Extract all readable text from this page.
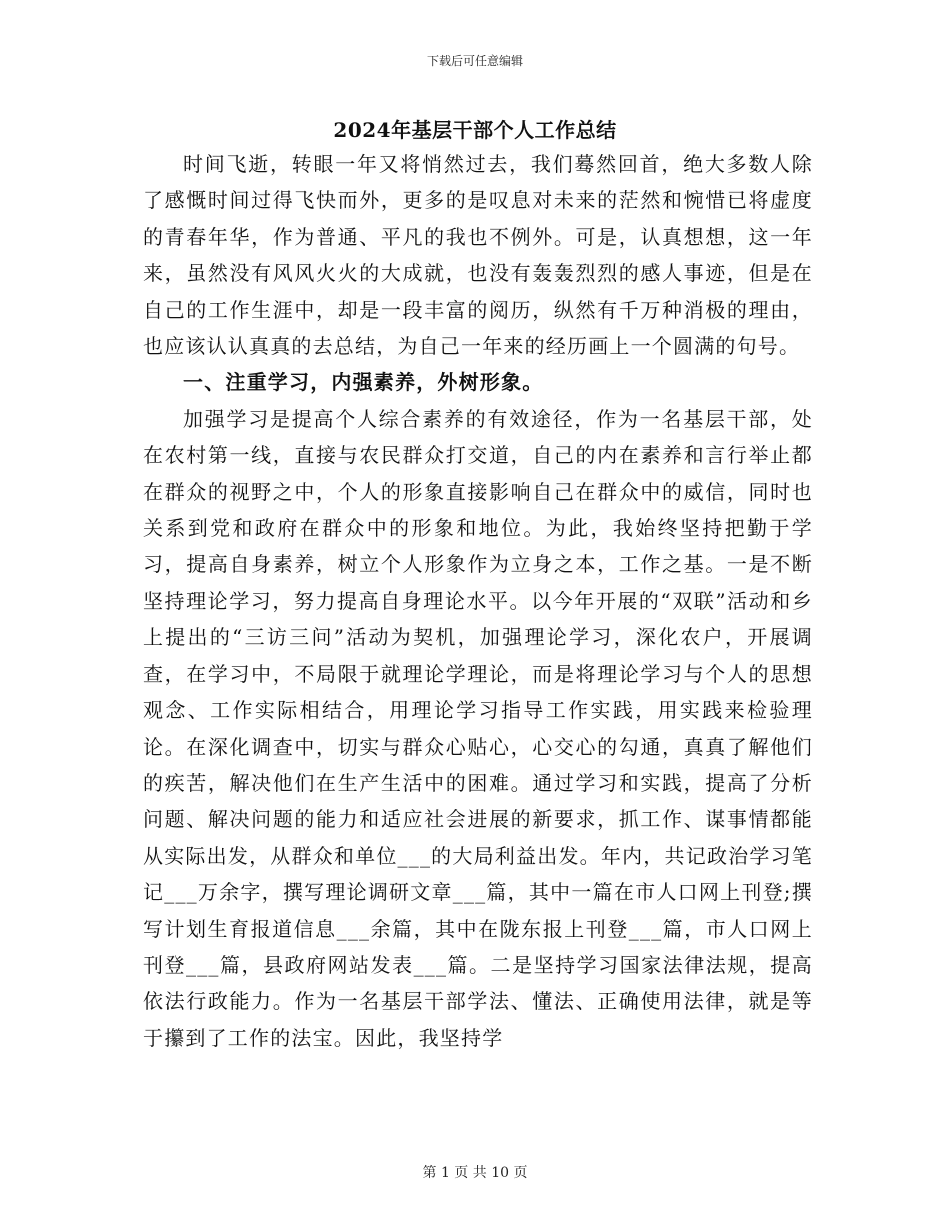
下载后可任意编辑
2024年基层干部个人工作总结

时间飞逝，转眼一年又将悄然过去，我们蓦然回首，绝大多数人除了感慨时间过得飞快而外，更多的是叹息对未来的茫然和惋惜已将虚度的青春年华，作为普通、平凡的我也不例外。可是，认真想想，这一年来，虽然没有风风火火的大成就，也没有轰轰烈烈的感人事迹，但是在自己的工作生涯中，却是一段丰富的阅历，纵然有千万种消极的理由，也应该认认真真的去总结，为自己一年来的经历画上一个圆满的句号。

一、注重学习，内强素养，外树形象。

加强学习是提高个人综合素养的有效途径，作为一名基层干部，处在农村第一线，直接与农民群众打交道，自己的内在素养和言行举止都在群众的视野之中，个人的形象直接影响自己在群众中的威信，同时也关系到党和政府在群众中的形象和地位。为此，我始终坚持把勤于学习，提高自身素养，树立个人形象作为立身之本，工作之基。一是不断坚持理论学习，努力提高自身理论水平。以今年开展的“双联”活动和乡上提出的“三访三问”活动为契机，加强理论学习，深化农户，开展调查，在学习中，不局限于就理论学理论，而是将理论学习与个人的思想观念、工作实际相结合，用理论学习指导工作实践，用实践来检验理论。在深化调查中，切实与群众心贴心，心交心的勾通，真真了解他们的疾苦，解决他们在生产生活中的困难。通过学习和实践，提高了分析问题、解决问题的能力和适应社会进展的新要求，抓工作、谋事情都能从实际出发，从群众和单位___的大局利益出发。年内，共记政治学习笔记___万余字，撰写理论调研文章___篇，其中一篇在市人口网上刊登;撰写计划生育报道信息___余篇，其中在陇东报上刊登___篇，市人口网上刊登___篇，县政府网站发表___篇。二是坚持学习国家法律法规，提高依法行政能力。作为一名基层干部学法、懂法、正确使用法律，就是等于攥到了工作的法宝。因此，我坚持学

第 1 页 共 10 页
